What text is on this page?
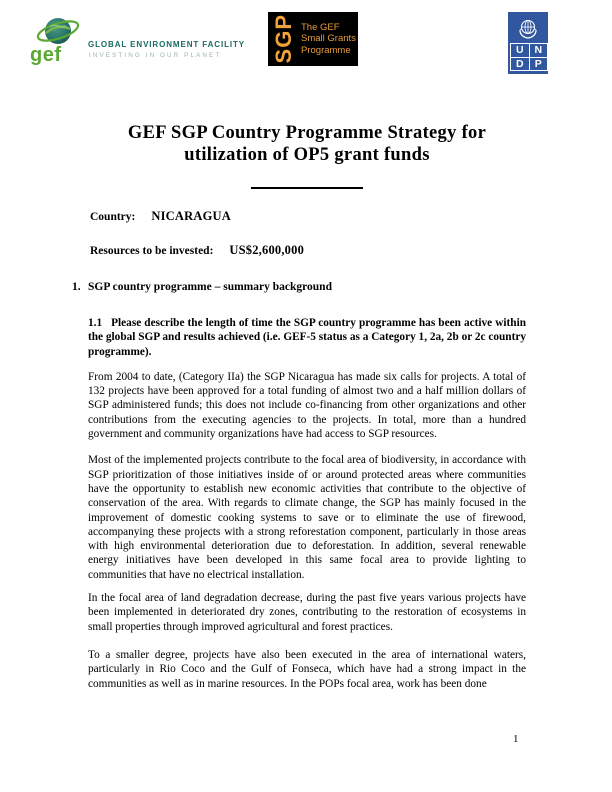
gef	GLOBAL ENVIRONMENT FACILITY
INVESTING IN OUR PLANET SGP The GEF
Small Grants
Programme	U	N
D	P
GEF SGP Country Programme Strategy for
utilization of OP5 grant funds
Country: NICARAGUA
Resources to be invested: US$2,600,000
1. SGP country programme – summary background
1.1 Please describe the length of time the SGP country programme has been active within the global SGP and results achieved (i.e. GEF-5 status as a Category 1, 2a, 2b or 2c country programme).

From 2004 to date, (Category IIa) the SGP Nicaragua has made six calls for projects. A total of 132 projects have been approved for a total funding of almost two and a half million dollars of SGP administered funds; this does not include co-financing from other organizations and other contributions from the executing agencies to the projects. In total, more than a hundred government and community organizations have had access to SGP resources.

Most of the implemented projects contribute to the focal area of biodiversity, in accordance with SGP prioritization of those initiatives inside of or around protected areas where communities have the opportunity to establish new economic activities that contribute to the objective of conservation of the area. With regards to climate change, the SGP has mainly focused in the improvement of domestic cooking systems to save or to eliminate the use of firewood, accompanying these projects with a strong reforestation component, particularly in those areas with high environmental deterioration due to deforestation. In addition, several renewable energy initiatives have been developed in this same focal area to provide lighting to communities that have no electrical installation.

In the focal area of land degradation decrease, during the past five years various projects have been implemented in deteriorated dry zones, contributing to the restoration of ecosystems in small properties through improved agricultural and forest practices.

To a smaller degree, projects have also been executed in the area of international waters, particularly in Rio Coco and the Gulf of Fonseca, which have had a strong impact in the communities as well as in marine resources. In the POPs focal area, work has been done

1
